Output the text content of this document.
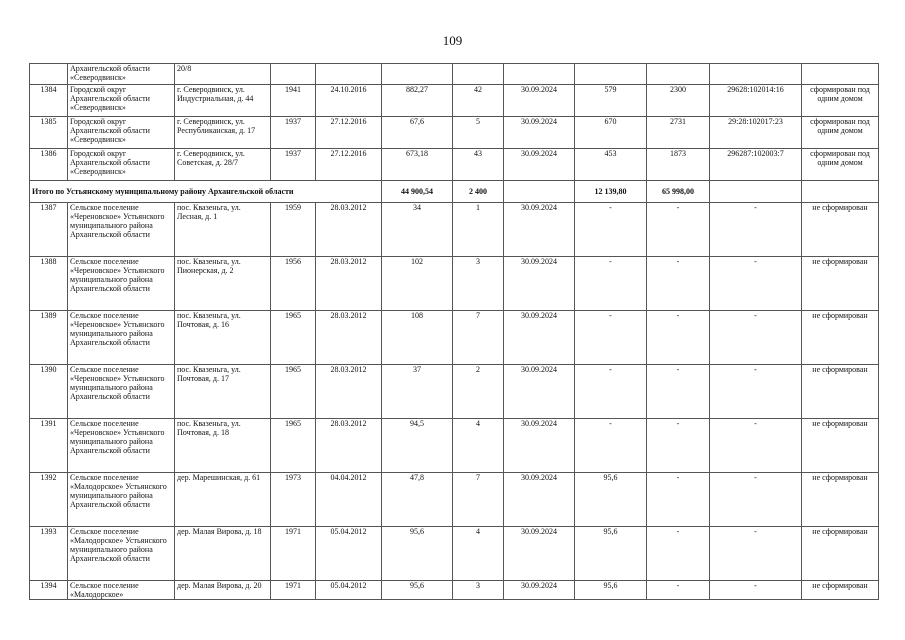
109
	Архангельской области «Северодвинск»	20/8									
1384	Городской округ Архангельской области «Северодвинск»	г. Северодвинск, ул. Индустриальная, д. 44	1941	24.10.2016	882,27	42	30.09.2024	579	2300	29628:102014:16	сформирован под одним домом
1385	Городской округ Архангельской области «Северодвинск»	г. Северодвинск, ул. Республиканская, д. 17	1937	27.12.2016	67,6	5	30.09.2024	670	2731	29:28:102017:23	сформирован под одним домом
1386	Городской округ Архангельской области «Северодвинск»	г. Северодвинск, ул. Советская, д. 28/7	1937	27.12.2016	673,18	43	30.09.2024	453	1873	296287:102003:7	сформирован под одним домом
Итого по Устьянскому муниципальному району Архангельской области					44 900,54	2 400		12 139,80	65 998,00		
1387	Сельское поселение «Череновское» Устьянского муниципального района Архангельской области	пос. Квазеньга, ул. Лесная, д. 1	1959	28.03.2012	34	1	30.09.2024	-	-	-	не сформирован
1388	Сельское поселение «Череновское» Устьянского муниципального района Архангельской области	пос. Квазеньга, ул. Пионерская, д. 2	1956	28.03.2012	102	3	30.09.2024	-	-	-	не сформирован
1389	Сельское поселение «Череновское» Устьянского муниципального района Архангельской области	пос. Квазеньга, ул. Почтовая, д. 16	1965	28.03.2012	108	7	30.09.2024	-	-	-	не сформирован
1390	Сельское поселение «Череновское» Устьянского муниципального района Архангельской области	пос. Квазеньга, ул. Почтовая, д. 17	1965	28.03.2012	37	2	30.09.2024	-	-	-	не сформирован
1391	Сельское поселение «Череновское» Устьянского муниципального района Архангельской области	пос. Квазеньга, ул. Почтовая, д. 18	1965	28.03.2012	94,5	4	30.09.2024	-	-	-	не сформирован
1392	Сельское поселение «Малодорское» Устьянского муниципального района Архангельской области	дер. Марешинская, д. 61	1973	04.04.2012	47,8	7	30.09.2024	95,6	-	-	не сформирован
1393	Сельское поселение «Малодорское» Устьянского муниципального района Архангельской области	дер. Малая Вирова, д. 18	1971	05.04.2012	95,6	4	30.09.2024	95,6	-	-	не сформирован
1394	Сельское поселение «Малодорское»	дер. Малая Вирова, д. 20	1971	05.04.2012	95,6	3	30.09.2024	95,6	-	-	не сформирован
